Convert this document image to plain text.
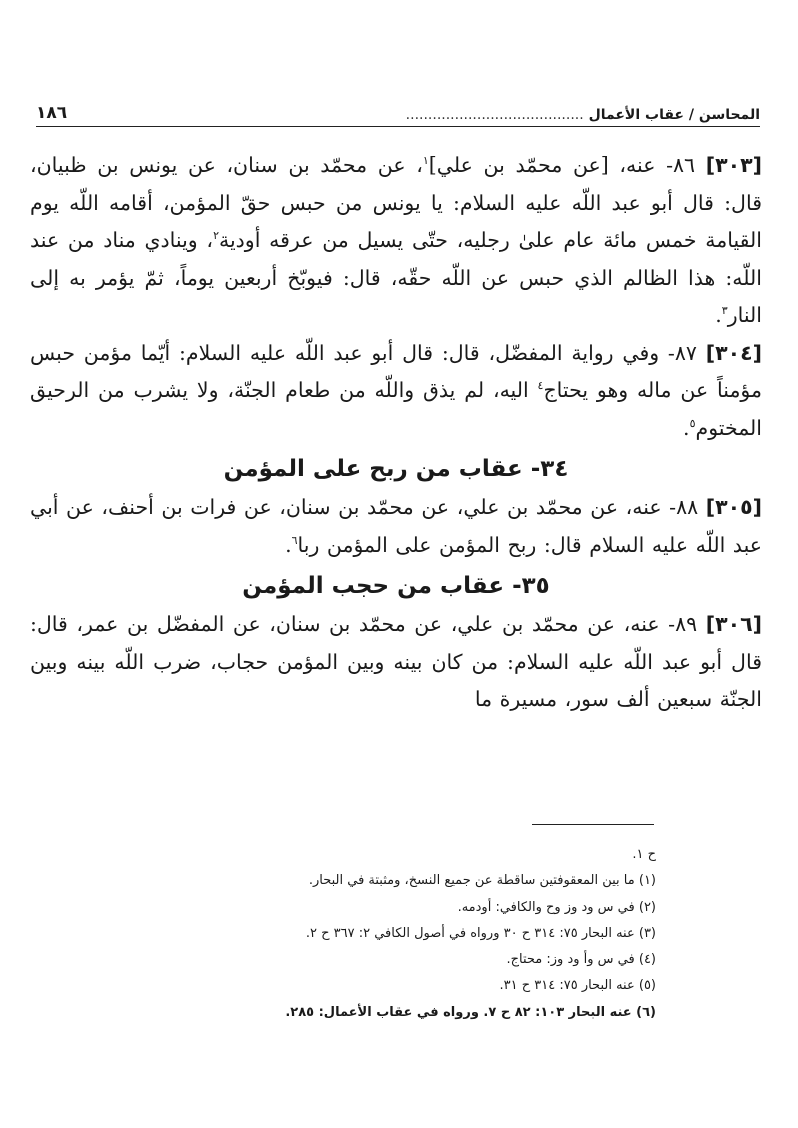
المحاسن / عقاب الأعمال ........................................
١٨٦

[٣٠٣] ٨٦- عنه، [عن محمّد بن علي]$^١$، عن محمّد بن سنان، عن يونس بن ظبيان، قال: قال أبو عبد اللّه عليه السلام: يا يونس من حبس حقّ المؤمن، أقامه اللّه يوم القيامة خمس مائة عام علىٰ رجليه، حتّى يسيل من عرقه أودية$^٢$، وينادي مناد من عند اللّه: هذا الظالم الذي حبس عن اللّه حقّه، قال: فيوبّخ أربعين يوماً، ثمّ يؤمر به إلى النار$^٣$.

[٣٠٤] ٨٧- وفي رواية المفضّل، قال: قال أبو عبد اللّه عليه السلام: أيّما مؤمن حبس مؤمناً عن ماله وهو يحتاج$^٤$ اليه، لم يذق واللّه من طعام الجنّة، ولا يشرب من الرحيق المختوم$^٥$.

٣٤- عقاب من ربح على المؤمن

[٣٠٥] ٨٨- عنه، عن محمّد بن علي، عن محمّد بن سنان، عن فرات بن أحنف، عن أبي عبد اللّه عليه السلام قال: ربح المؤمن على المؤمن ربا$^٦$.

٣٥- عقاب من حجب المؤمن

[٣٠٦] ٨٩- عنه، عن محمّد بن علي، عن محمّد بن سنان، عن المفضّل بن عمر، قال: قال أبو عبد اللّه عليه السلام: من كان بينه وبين المؤمن حجاب، ضرب اللّه بينه وبين الجنّة سبعين ألف سور، مسيرة ما

ح ١.

(١) ما بين المعقوفتين ساقطة عن جميع النسخ، ومثبتة في البحار.

(٢) في س ود وز وح والكافي: أودمه.

(٣) عنه البحار ٧٥: ٣١٤ ح ٣٠ ورواه في أصول الكافي ٢: ٣٦٧ ح ٢.

(٤) في س وأ ود وز: محتاج.

(٥) عنه البحار ٧٥: ٣١٤ ح ٣١.

(٦) عنه البحار ١٠٣: ٨٢ ح ٧. ورواه في عقاب الأعمال: ٢٨٥.
